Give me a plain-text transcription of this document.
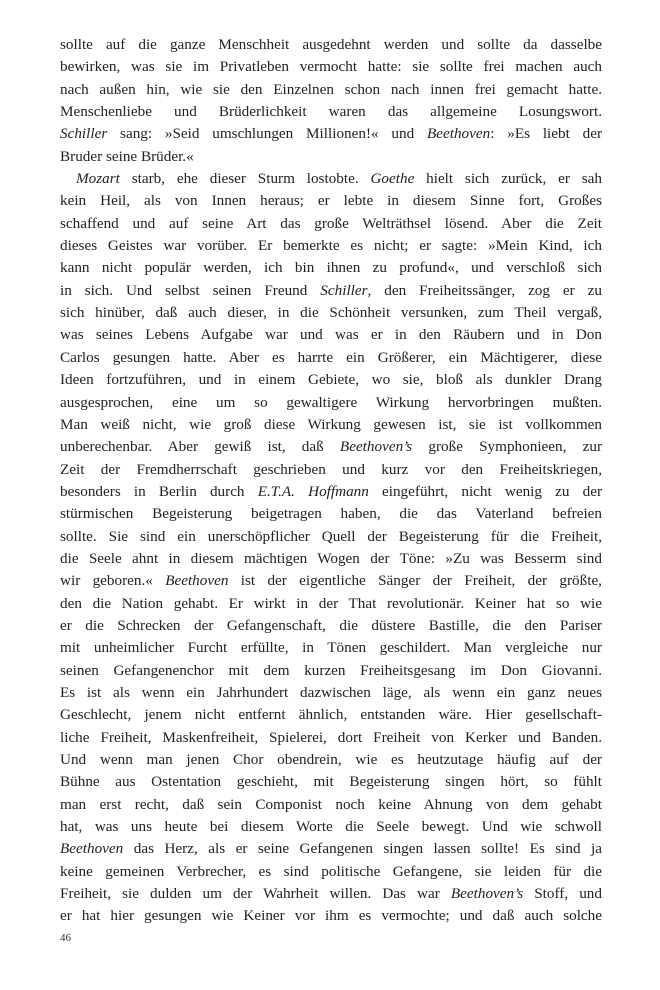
sollte auf die ganze Menschheit ausgedehnt werden und sollte da dasselbe
bewirken, was sie im Privatleben vermocht hatte: sie sollte frei machen auch
nach außen hin, wie sie den Einzelnen schon nach innen frei gemacht hatte.
Menschenliebe und Brüderlichkeit waren das allgemeine Losungswort.
Schiller sang: »Seid umschlungen Millionen!« und Beethoven: »Es liebt der
Bruder seine Brüder.«
Mozart starb, ehe dieser Sturm lostobte. Goethe hielt sich zurück, er sah
kein Heil, als von Innen heraus; er lebte in diesem Sinne fort, Großes
schaffend und auf seine Art das große Welträthsel lösend. Aber die Zeit
dieses Geistes war vorüber. Er bemerkte es nicht; er sagte: »Mein Kind, ich
kann nicht populär werden, ich bin ihnen zu profund«, und verschloß sich
in sich. Und selbst seinen Freund Schiller, den Freiheitssänger, zog er zu
sich hinüber, daß auch dieser, in die Schönheit versunken, zum Theil vergaß,
was seines Lebens Aufgabe war und was er in den Räubern und in Don
Carlos gesungen hatte. Aber es harrte ein Größerer, ein Mächtigerer, diese
Ideen fortzuführen, und in einem Gebiete, wo sie, bloß als dunkler Drang
ausgesprochen, eine um so gewaltigere Wirkung hervorbringen mußten.
Man weiß nicht, wie groß diese Wirkung gewesen ist, sie ist vollkommen
unberechenbar. Aber gewiß ist, daß Beethoven’s große Symphonieen, zur
Zeit der Fremdherrschaft geschrieben und kurz vor den Freiheitskriegen,
besonders in Berlin durch E.T.A. Hoffmann eingeführt, nicht wenig zu der
stürmischen Begeisterung beigetragen haben, die das Vaterland befreien
sollte. Sie sind ein unerschöpflicher Quell der Begeisterung für die Freiheit,
die Seele ahnt in diesem mächtigen Wogen der Töne: »Zu was Besserm sind
wir geboren.« Beethoven ist der eigentliche Sänger der Freiheit, der größte,
den die Nation gehabt. Er wirkt in der That revolutionär. Keiner hat so wie
er die Schrecken der Gefangenschaft, die düstere Bastille, die den Pariser
mit unheimlicher Furcht erfüllte, in Tönen geschildert. Man vergleiche nur
seinen Gefangenenchor mit dem kurzen Freiheitsgesang im Don Giovanni.
Es ist als wenn ein Jahrhundert dazwischen läge, als wenn ein ganz neues
Geschlecht, jenem nicht entfernt ähnlich, entstanden wäre. Hier gesellschaft-
liche Freiheit, Maskenfreiheit, Spielerei, dort Freiheit von Kerker und Banden.
Und wenn man jenen Chor obendrein, wie es heutzutage häufig auf der
Bühne aus Ostentation geschieht, mit Begeisterung singen hört, so fühlt
man erst recht, daß sein Componist noch keine Ahnung von dem gehabt
hat, was uns heute bei diesem Worte die Seele bewegt. Und wie schwoll
Beethoven das Herz, als er seine Gefangenen singen lassen sollte! Es sind ja
keine gemeinen Verbrecher, es sind politische Gefangene, sie leiden für die
Freiheit, sie dulden um der Wahrheit willen. Das war Beethoven’s Stoff, und
er hat hier gesungen wie Keiner vor ihm es vermochte; und daß auch solche
46
